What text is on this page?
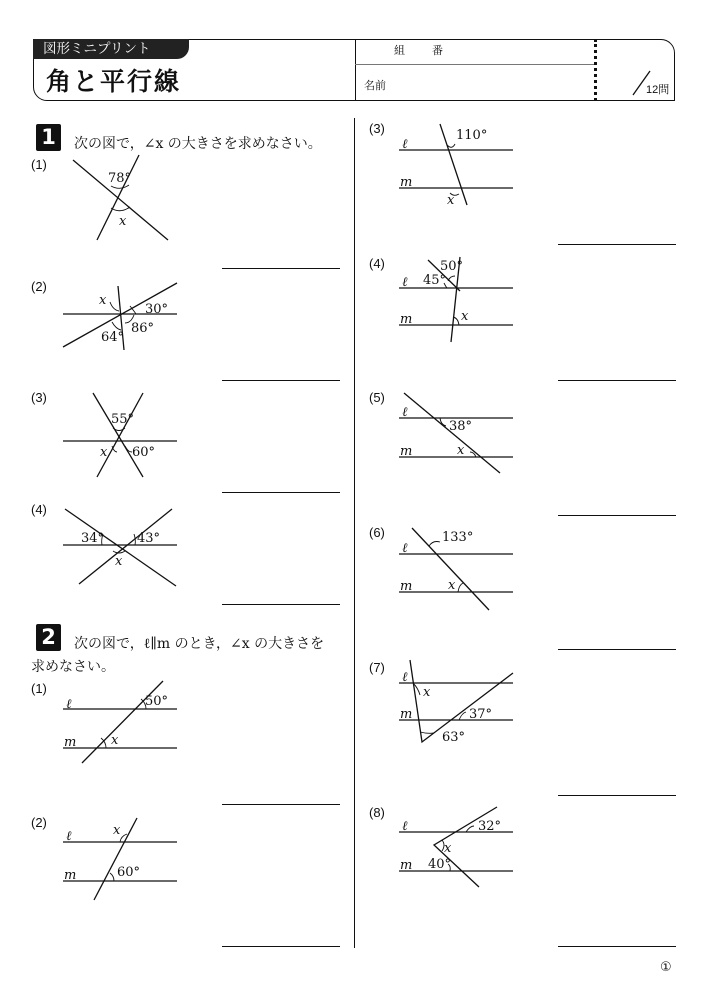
図形ミニプリント
角と平行線
組 番
名前	12問
1	次の図で，∠x の大きさを求めなさい。
(1)
78°
x
(2)
x
30°
64°
86°
(3)
55°
x 60°
(4)
34°	43°
x
2	次の図で，ℓ∥m のとき，∠x の大きさを
求めなさい。
(1)
ℓ
m
50°
x
(2)
ℓ
m
x
60°
(3)
ℓ
m
110°
x
(4)
ℓ
m
50°
45°
x
(5)
ℓ
m
38°
x
(6)
ℓ
m
133°
x
(7)
ℓ
m
x
37°
63°
(8)
ℓ
m
32°
x
40°
①
